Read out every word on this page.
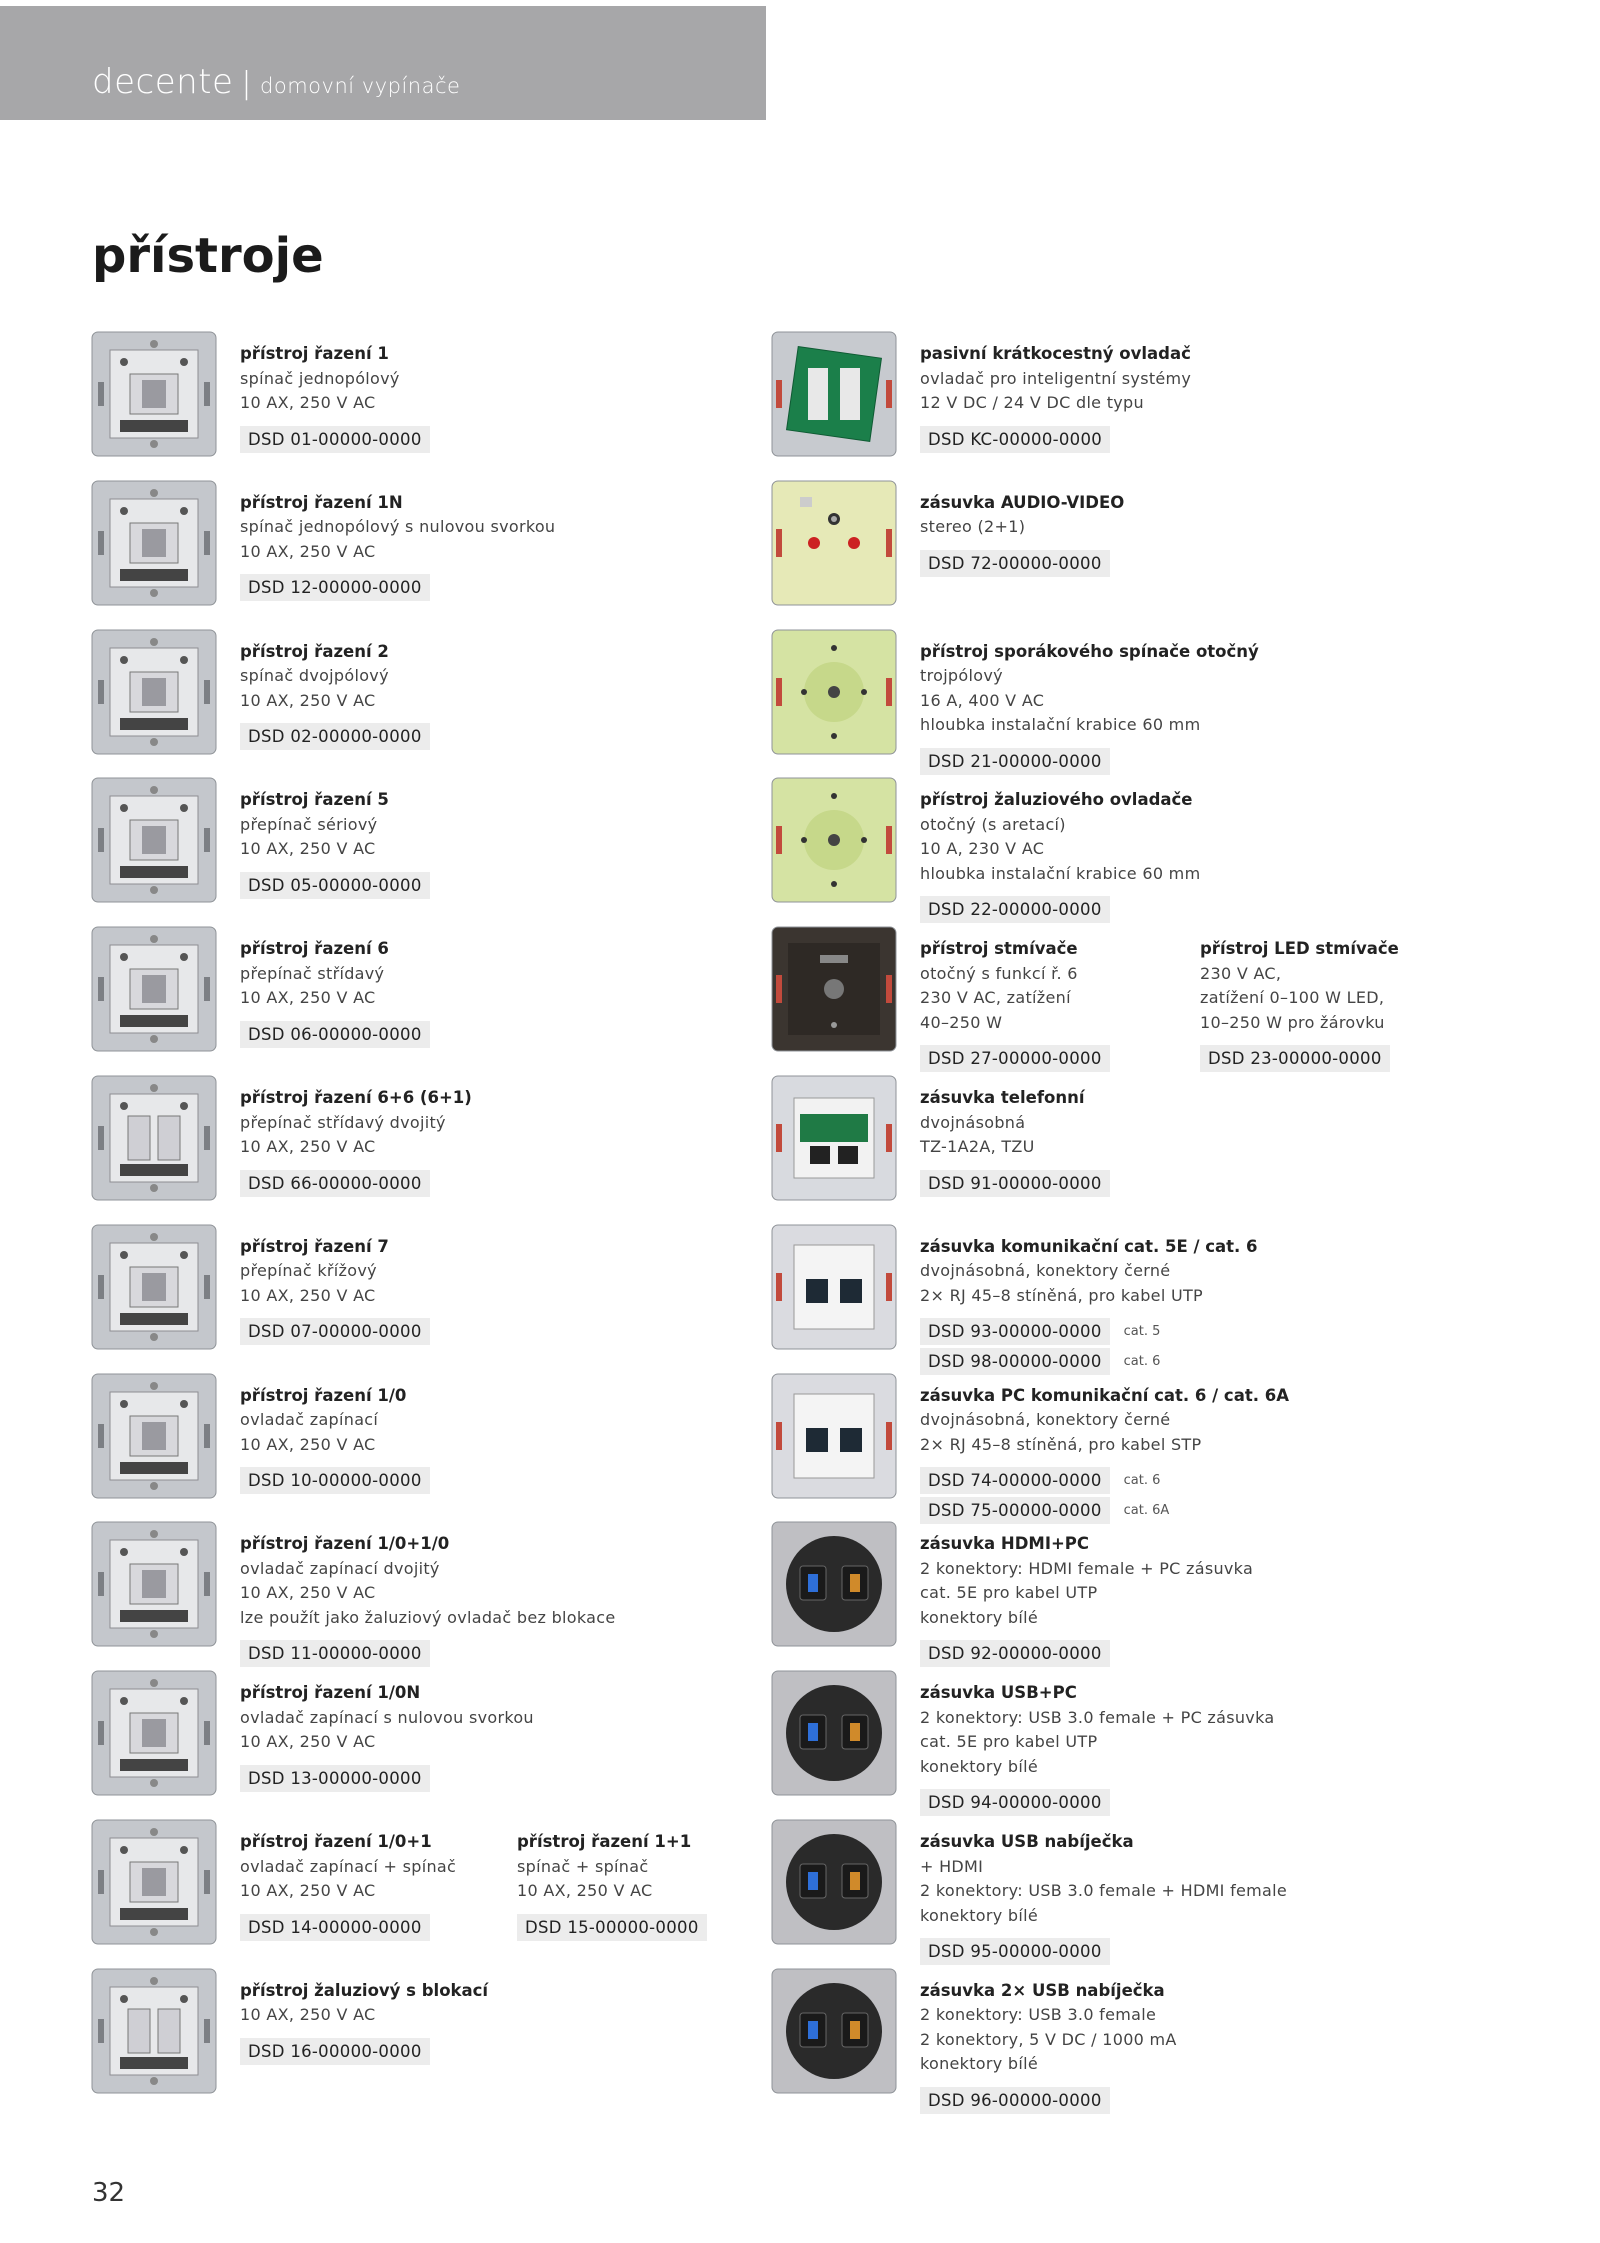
decente | domovní vypínače
přístroje
přístroj řazení 1
spínač jednopólový
10 AX, 250 V AC
DSD 01-00000-0000
přístroj řazení 1N
spínač jednopólový s nulovou svorkou
10 AX, 250 V AC
DSD 12-00000-0000
přístroj řazení 2
spínač dvojpólový
10 AX, 250 V AC
DSD 02-00000-0000
přístroj řazení 5
přepínač sériový
10 AX, 250 V AC
DSD 05-00000-0000
přístroj řazení 6
přepínač střídavý
10 AX, 250 V AC
DSD 06-00000-0000
přístroj řazení 6+6 (6+1)
přepínač střídavý dvojitý
10 AX, 250 V AC
DSD 66-00000-0000
přístroj řazení 7
přepínač křížový
10 AX, 250 V AC
DSD 07-00000-0000
přístroj řazení 1/0
ovladač zapínací
10 AX, 250 V AC
DSD 10-00000-0000
přístroj řazení 1/0+1/0
ovladač zapínací dvojitý
10 AX, 250 V AC
lze použít jako žaluziový ovladač bez blokace
DSD 11-00000-0000
přístroj řazení 1/0N
ovladač zapínací s nulovou svorkou
10 AX, 250 V AC
DSD 13-00000-0000
přístroj řazení 1/0+1
ovladač zapínací + spínač
10 AX, 250 V AC
DSD 14-00000-0000
přístroj řazení 1+1
spínač + spínač
10 AX, 250 V AC
DSD 15-00000-0000
přístroj žaluziový s blokací
10 AX, 250 V AC
DSD 16-00000-0000
pasivní krátkocestný ovladač
ovladač pro inteligentní systémy
12 V DC / 24 V DC dle typu
DSD KC-00000-0000
zásuvka AUDIO-VIDEO
stereo (2+1)
DSD 72-00000-0000
přístroj sporákového spínače otočný
trojpólový
16 A, 400 V AC
hloubka instalační krabice 60 mm
DSD 21-00000-0000
přístroj žaluziového ovladače
otočný (s aretací)
10 A, 230 V AC
hloubka instalační krabice 60 mm
DSD 22-00000-0000
přístroj stmívače
otočný s funkcí ř. 6
230 V AC, zatížení
40–250 W
DSD 27-00000-0000
přístroj LED stmívače
230 V AC,
zatížení 0–100 W LED,
10–250 W pro žárovku
DSD 23-00000-0000
zásuvka telefonní
dvojnásobná
TZ-1A2A, TZU
DSD 91-00000-0000
zásuvka komunikační cat. 5E / cat. 6
dvojnásobná, konektory černé
2× RJ 45–8 stíněná, pro kabel UTP
DSD 93-00000-0000	cat. 5
DSD 98-00000-0000	cat. 6
zásuvka PC komunikační cat. 6 / cat. 6A
dvojnásobná, konektory černé
2× RJ 45–8 stíněná, pro kabel STP
DSD 74-00000-0000	cat. 6
DSD 75-00000-0000	cat. 6A
zásuvka HDMI+PC
2 konektory: HDMI female + PC zásuvka
cat. 5E pro kabel UTP
konektory bílé
DSD 92-00000-0000
zásuvka USB+PC
2 konektory: USB 3.0 female + PC zásuvka
cat. 5E pro kabel UTP
konektory bílé
DSD 94-00000-0000
zásuvka USB nabíječka
+ HDMI
2 konektory: USB 3.0 female + HDMI female
konektory bílé
DSD 95-00000-0000
zásuvka 2× USB nabíječka
2 konektory: USB 3.0 female
2 konektory, 5 V DC / 1000 mA
konektory bílé
DSD 96-00000-0000
32
